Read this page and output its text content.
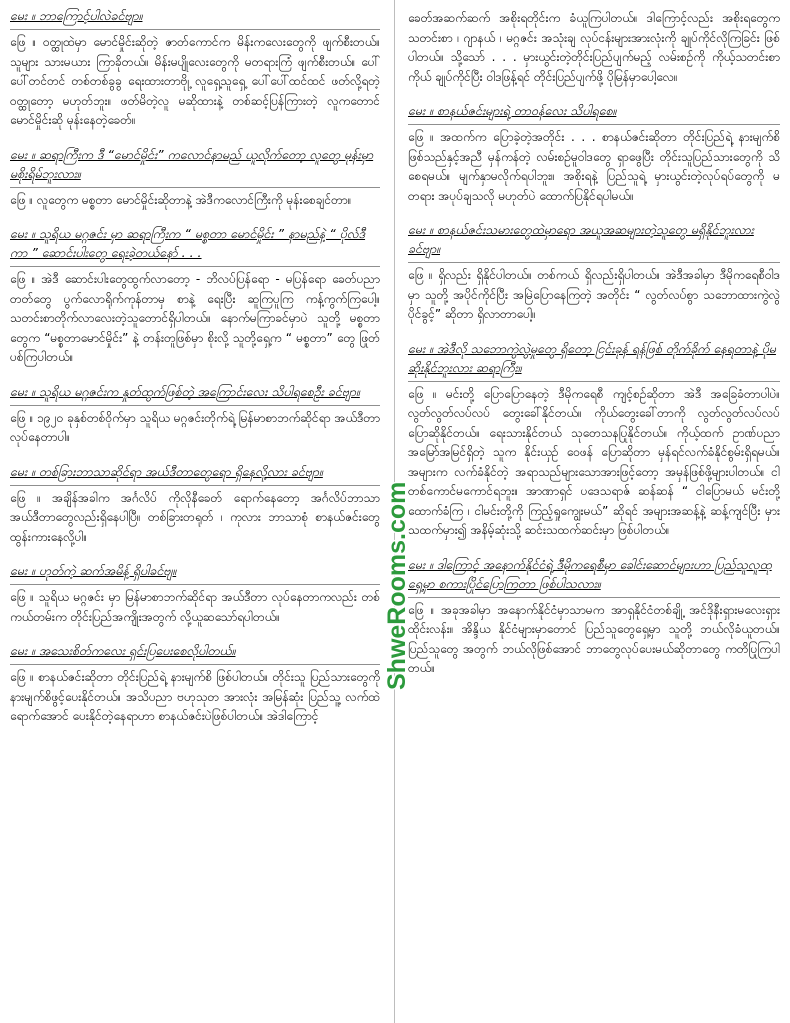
မေး ။ ဘာကြောင့်ပါလဲခင်ဗျာ။
ဖြေ ။ ဝတ္ထုထဲမှာ မောင်မှိုင်းဆိုတဲ့ ဇာတ်ကောင်က မိန်းကလေးတွေကို ဖျက်စီးတယ်။ သူများ သားမယား ကြာခိုတယ်။ မိန်းမပျိုလေးတွေကို မတရားကြံ ဖျက်စီးတယ်။ ပေါ်ပေါ်တင်တင် တစ်တစ်ခွခွ ရေးထားတာဗိုု့ လူရှေ့သူရှေ့ ပေါ်ပေါ်ထင်ထင် ဖတ်လို့ရတဲ့ ဝတ္ထုတော့ မဟုတ်ဘူး။ ဖတ်မိတဲ့လူ မဆိုထားနဲ့ တစ်ဆင့်ပြန်ကြားတဲ့ လူကတောင် မောင်မှိုင်းဆို မုန်းနေတဲ့ခေတ်။
မေး ။ ဆရာကြီးက ဒီ “မောင်မှိုင်း” ကလောင်နာမည် ယူလိုက်တော့ လူတွေ မုန်းမှာ မစိုးရိမ်ဘူးလား။
ဖြေ ။ လူတွေက မစ္စတာ မောင်မှိုင်းဆိုတာနဲ့ အဲဒီကလောင်ကြီးကို မုန်းစေချင်တာ။
မေး ။ သူရိယ မဂ္ဂဇင်း မှာ ဆရာကြီးက “ မစ္စတာ မောင်မှိုင်း ” နာမည်နဲ့ “ ပိုလ်ဒီကာ ” ဆောင်းပါးတွေ ရေးခဲ့တယ်နော် . . .
ဖြေ ။ အဲဒီ ဆောင်းပါးတွေထွက်လာတော့ - ဘိလပ်ပြန်ရော - မပြန်ရော ခေတ်ပညာတတ်တွေ ပွက်လောရိုက်ကုန်တာမှ စာနဲ့ ရေးပြီး ဆူကြပူကြ ကန့်ကွက်ကြပေါ့။ သတင်းစာတိုက်လာလေးတဲ့သူတောင်ရှိပါတယ်။ နောက်မကြာခင်မှာပဲ သူတို့ မစ္စတာတွေက “မစ္စတာမောင်မှိုင်း” နဲ့ တန်းတူဖြစ်မှာ စိုးလို့ သူတို့ရှေ့က “ မစ္စတာ” တွေ ဖြုတ်ပစ်ကြပါတယ်။
မေး ။ သူရိယ မဂ္ဂဇင်းက နှုတ်ထွက်ဖြစ်တဲ့ အကြောင်းလေး သိပါရစေဦး ခင်ဗျာ။
ဖြေ ။ ၁၉၂၀ ခုနှစ်တစ်ဝိုက်မှာ သူရိယ မဂ္ဂဇင်းတိုက်ရဲ့ မြန်မာစာဘက်ဆိုင်ရာ အယ်ဒီတာ လုပ်နေတာပါ။
မေး ။ တစ်ခြားဘာသာဆိုင်ရာ အယ်ဒီတာတွေရော ရှိနေလို့လား ခင်ဗျာ။
ဖြေ ။ အချိန်အခါက အင်္ဂလိပ် ကိုလိုနီခေတ် ရောက်နေတော့ အင်္ဂလိပ်ဘာသာ အယ်ဒီတာတွေလည်းရှိနေပါပြီ။ တစ်ခြားတရုတ် ၊ ကုလား ဘာသာစုံ စာနယ်ဇင်းတွေ ထွန်းကားနေလို့ပါ။
မေး ။ ဟုတ်ကဲ့ ဆက်အမိန့် ရှိပါခင်ဗျ။
ဖြေ ။ သူရိယ မဂ္ဂဇင်း မှာ မြန်မာစာဘက်ဆိုင်ရာ အယ်ဒီတာ လုပ်နေတာကလည်း တစ်ကယ်တမ်းက တိုင်းပြည်အကျိုးအတွက် လို့ယူဆသော်ရပါတယ်။
မေး ။ အသေးစိတ်ကလေး ရှင်းပြပေးစေလိုပါတယ်။
ဖြေ ။ စာနယ်ဇင်းဆိုတာ တိုင်းပြည်ရဲ့ နားမျက်စိ ဖြစ်ပါတယ်။ တိုင်းသူ ပြည်သားတွေကို နားမျက်စိဖွင့်ပေးနိုင်တယ်။ အသိပညာ ဗဟုသုတ အားလုံး အမြန်ဆုံး ပြည်သူ့ လက်ထဲရောက်အောင် ပေးနိုင်တဲ့နေရာဟာ စာနယ်ဇင်းပဲဖြစ်ပါတယ်။ အဲဒါကြောင့်
ခေတ်အဆက်ဆက် အစိုးရတိုင်းက ခံယူကြပါတယ်။ ဒါကြောင့်လည်း အစိုးရတွေက သတင်းစာ ၊ ဂျာနယ် ၊ မဂ္ဂဇင်း အသုံးချ လုပ်ငန်းများအားလုံးကို ချုပ်ကိုင်လိုကြခြင်း ဖြစ်ပါတယ်။ သို့သော် . . . မှားယွင်းတဲ့တိုင်းပြည်ပျက်မည့် လမ်းစဉ်ကို ကိုယ့်သတင်းစာကိုယ် ချုပ်ကိုင်ပြီး ဝါဒဖြန့်ရင် တိုင်းပြည်ပျက်ဖို့ ပိုမြန်မှာပေါ့လေ။
မေး ။ စာနယ်ဇင်းများရဲ့ တာဝန်လေး သိပါရစေ။
ဖြေ ။ အထက်က ပြောခဲ့တဲ့အတိုင်း . . . စာနယ်ဇင်းဆိုတာ တိုင်းပြည်ရဲ့ နားမျက်စိ ဖြစ်သည်နှင့်အညီ မှန်ကန်တဲ့ လမ်းစဉ်မူဝါဒတွေ ရှာဖွေပြီး တိုင်းသူပြည်သားတွေကို သိစေရမယ်။ မျက်နှာမလိုက်ရပါဘူး။ အစိုးရနဲ့ ပြည်သူရဲ့ မှားယွင်းတဲ့လုပ်ရပ်တွေကို မတရား အပုပ်ချသလို မဟုတ်ပဲ ထောက်ပြနိုင်ရပါမယ်။
မေး ။ စာနယ်ဇင်းသမားတွေထဲမှာရော အယူအဆများတဲ့သူတွေ မရှိနိုင်ဘူးလားခင်ဗျာ။
ဖြေ ။ ရှိလည်း ရှိနိုင်ပါတယ်။ တစ်ကယ် ရှိလည်းရှိပါတယ်။ အဲဒီအခါမှာ ဒီမိုကရေစီဝါဒမှာ သူတို့ အပိုင်ကိုင်ပြီး အမြဲပြောနေကြတဲ့ အတိုင်း “ လွတ်လပ်စွာ သဘောထားကွဲလွဲပိုင်ခွင့်” ဆိုတာ ရှိလာတာပေါ့။
မေး ။ အဲဒီလို သဘောကွဲလွဲမှုတွေ ရှိတော့ ငြင်းခုန် ရန်ဖြစ် တိုက်ခိုက် နေရတာနဲ့ ပိုမဆိုးနိုင်ဘူးလား ဆရာကြီး။
ဖြေ ။ မင်းတို့ ပြောပြောနေတဲ့ ဒီမိုကရေစီ ကျင့်စဉ်ဆိုတာ အဲဒီ အခြေခံတာပါပဲ။ လွတ်လွတ်လပ်လပ် တွေးခေါ်နိုင်တယ်။ ကိုယ်တွေးခေါ်တာကို လွတ်လွတ်လပ်လပ် ပြောဆိုနိုင်တယ်။ ရေးသားနိုင်တယ် သုတေသနပြုနိုင်တယ်။ ကိုယ့်ထက် ဥာဏ်ပညာ အမြော်အမြင်ရှိတဲ့ သူက နိုင်းယှဉ် ဝေဖန် ပြောဆိုတာ မှန်ရင်လက်ခံနိုင်စွမ်းရှိရမယ်။ အများက လက်ခံနိုင်တဲ့ အရာသည်များသောအားဖြင့်တော့ အမှန်ဖြစ်ဖို့များပါတယ်။ ငါတစ်ကောင်မကောင်ရဘူး။ အာဏာရှင် ပဒေသရာဇ် ဆန်ဆန် “ ငါပြောမယ် မင်းတို့ ထောက်ခံကြ ၊ ငါမင်းတို့ကို ကြည့်ရှုကျွေးမယ်” ဆိုရင် အများအဆန့်နဲ့ ဆန့်ကျင်ပြီး မှားသထက်မှား၍ အနိမ့်ဆုံးသို့ ဆင်းသထက်ဆင်းမှာ ဖြစ်ပါတယ်။
မေး ။ ဒါကြောင့် အနောက်နိုင်ငံရဲ့ ဒီမိုကရေစီမှာ ခေါင်းဆောင်များဟာ ပြည်သူလူထုရှေ့မှာ စကားပြိုင်ပြောကြတာ ဖြစ်ပါသလား။
ဖြေ ။ အခုအခါမှာ အနောက်နိုင်ငံမှာသာမက အာရှနိုင်ငံတစ်ချို့ အင်ဒိုနီးရှားမလေးရှားထိုင်းလန်း။ အိန္ဒိယ နိုင်ငံများမှာတောင် ပြည်သူတွေရှေ့မှာ သူတို့ ဘယ်လိုခံယူတယ်။ ပြည်သူတွေ အတွက် ဘယ်လိုဖြစ်အောင် ဘာတွေလုပ်ပေးမယ်ဆိုတာတွေ ကတိပြုကြပါတယ်။
ShweRooms.com
